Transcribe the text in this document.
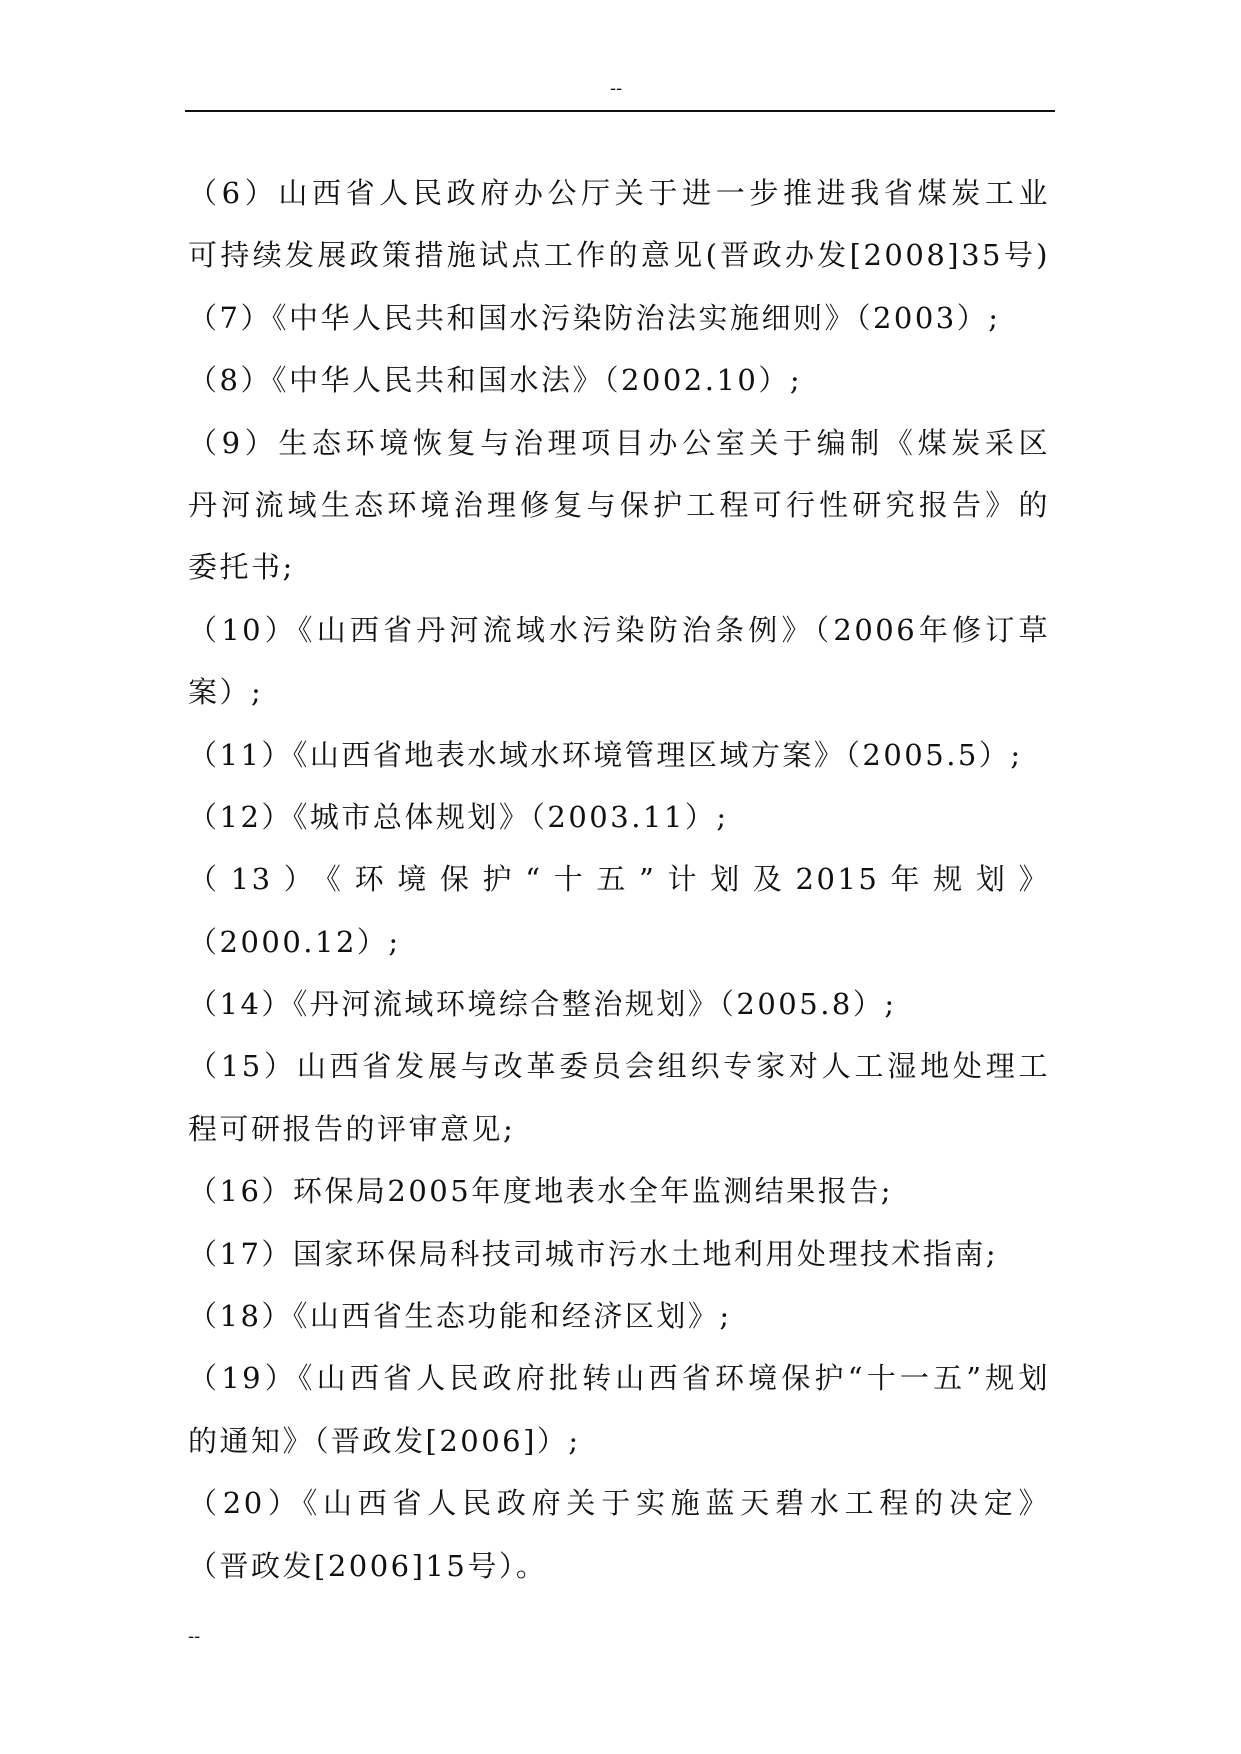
--
（6）山西省人民政府办公厅关于进一步推进我省煤炭工业
可持续发展政策措施试点工作的意见(晋政办发[2008]35号)
（7）《中华人民共和国水污染防治法实施细则》（2003）;
（8）《中华人民共和国水法》（2002.10）;
（9）生态环境恢复与治理项目办公室关于编制《煤炭采区
丹河流域生态环境治理修复与保护工程可行性研究报告》的
委托书;
（10）《山西省丹河流域水污染防治条例》（2006年修订草
案）;
（11）《山西省地表水域水环境管理区域方案》（2005.5）;
（12）《城市总体规划》（2003.11）;
（13）《环境保护“十五”计划及2015年规划》
（2000.12）;
（14）《丹河流域环境综合整治规划》（2005.8）;
（15）山西省发展与改革委员会组织专家对人工湿地处理工
程可研报告的评审意见;
（16）环保局2005年度地表水全年监测结果报告;
（17）国家环保局科技司城市污水土地利用处理技术指南;
（18）《山西省生态功能和经济区划》;
（19）《山西省人民政府批转山西省环境保护“十一五”规划
的通知》（晋政发[2006]）;
（20）《山西省人民政府关于实施蓝天碧水工程的决定》
（晋政发[2006]15号）。
--
